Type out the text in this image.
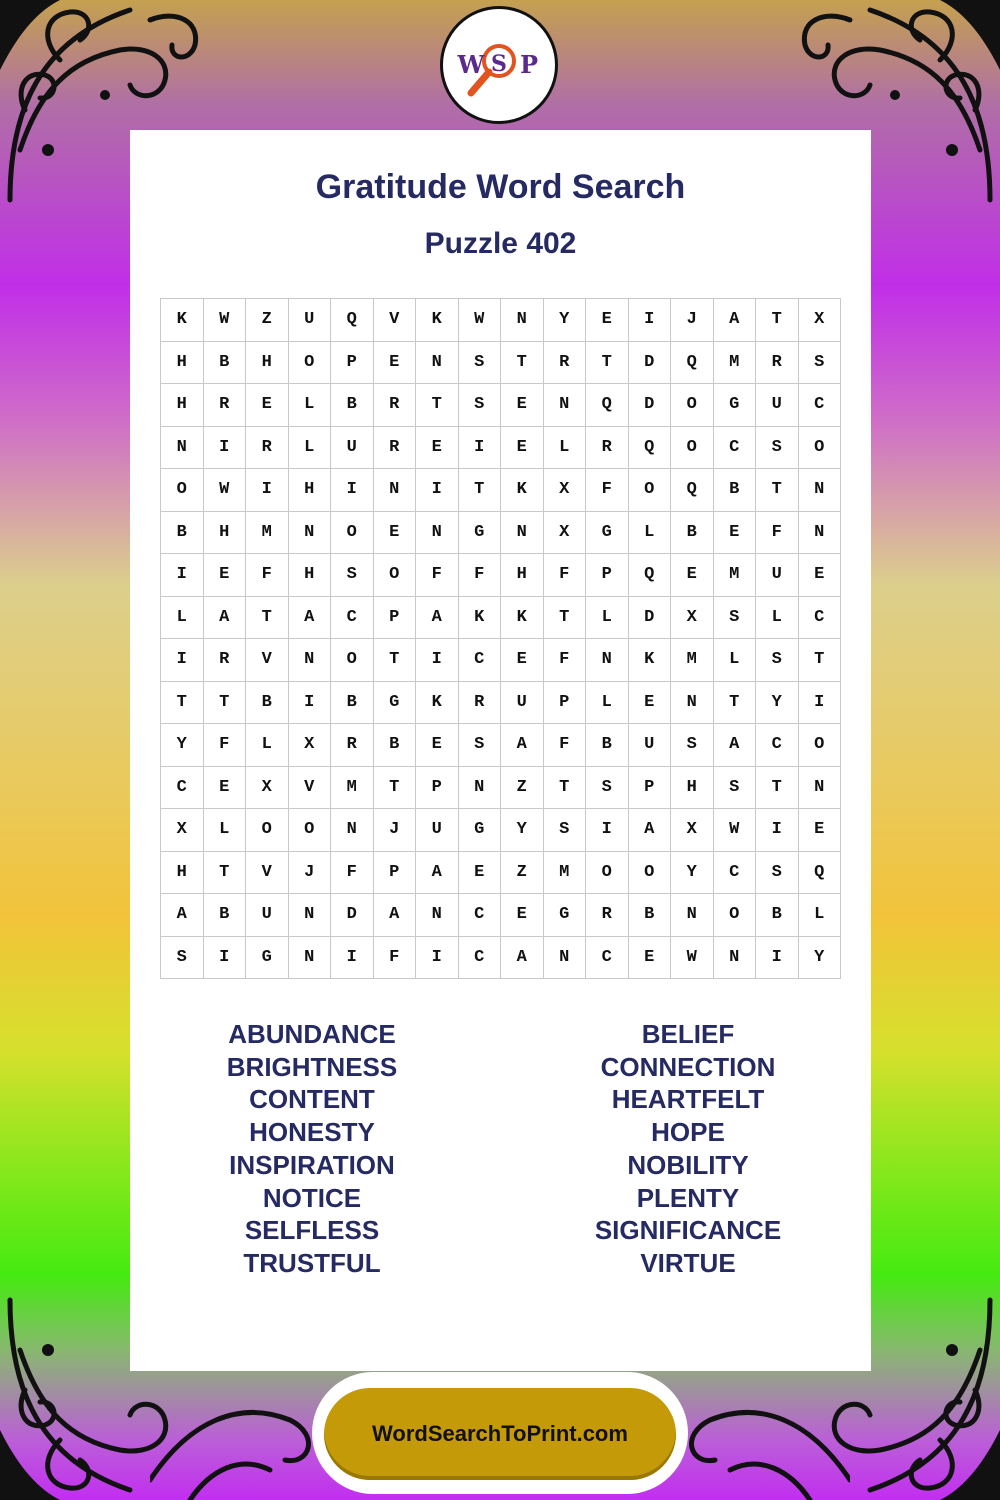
W S P
Gratitude Word Search
Puzzle 402
K	W	Z	U	Q	V	K	W	N	Y	E	I	J	A	T	X
H	B	H	O	P	E	N	S	T	R	T	D	Q	M	R	S
H	R	E	L	B	R	T	S	E	N	Q	D	O	G	U	C
N	I	R	L	U	R	E	I	E	L	R	Q	O	C	S	O
O	W	I	H	I	N	I	T	K	X	F	O	Q	B	T	N
B	H	M	N	O	E	N	G	N	X	G	L	B	E	F	N
I	E	F	H	S	O	F	F	H	F	P	Q	E	M	U	E
L	A	T	A	C	P	A	K	K	T	L	D	X	S	L	C
I	R	V	N	O	T	I	C	E	F	N	K	M	L	S	T
T	T	B	I	B	G	K	R	U	P	L	E	N	T	Y	I
Y	F	L	X	R	B	E	S	A	F	B	U	S	A	C	O
C	E	X	V	M	T	P	N	Z	T	S	P	H	S	T	N
X	L	O	O	N	J	U	G	Y	S	I	A	X	W	I	E
H	T	V	J	F	P	A	E	Z	M	O	O	Y	C	S	Q
A	B	U	N	D	A	N	C	E	G	R	B	N	O	B	L
S	I	G	N	I	F	I	C	A	N	C	E	W	N	I	Y
ABUNDANCE
BRIGHTNESS
CONTENT
HONESTY
INSPIRATION
NOTICE
SELFLESS
TRUSTFUL
BELIEF
CONNECTION
HEARTFELT
HOPE
NOBILITY
PLENTY
SIGNIFICANCE
VIRTUE
WordSearchToPrint.com
